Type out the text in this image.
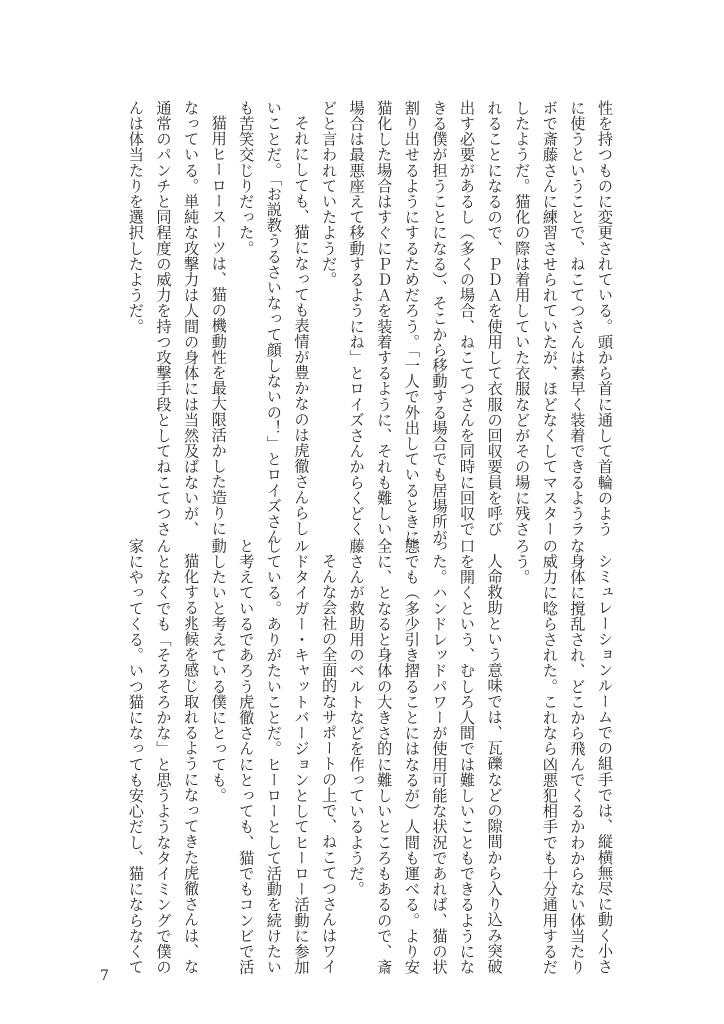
性を持つものに変更されている。頭から首に通して首輪のよう
に使うということで、ねこてつさんは素早く装着できるようラ
ボで斎藤さんに練習させられていたが、ほどなくしてマスター
したようだ。猫化の際は着用していた衣服などがその場に残さ
れることになるので、ＰＤＡを使用して衣服の回収要員を呼び
出す必要があるし（多くの場合、ねこてつさんを同時に回収で
きる僕が担うことになる）、そこから移動する場合でも居場所が
割り出せるようにするためだろう。「一人で外出しているときに
猫化した場合はすぐにＰＤＡを装着するように、それも難しい
場合は最悪座えて移動するようにね」とロイズさんからくどく
どと言われていたようだ。
それにしても、猫になっても表情が豊かなのは虎徹さんらし
いことだ。「お説教うるさいなって顔しないの！」とロイズさん
も苦笑交じりだった。
猫用ヒーロースーツは、猫の機動性を最大限活かした造りに
なっている。単純な攻撃力は人間の身体には当然及ばないが、
通常のパンチと同程度の威力を持つ攻撃手段としてねこてつさ
んは体当たりを選択したようだ。
シミュレーションルームでの組手では、縦横無尽に動く小さ
な身体に撹乱され、どこから飛んでくるかわからない体当たり
の威力に唸らされた。これなら凶悪犯相手でも十分通用するだ
ろう。
人命救助という意味では、瓦礫などの隙間から入り込み突破
口を開くという、むしろ人間では難しいこともできるようにな
った。ハンドレッドパワーが使用可能な状況であれば、猫の状
態でも（多少引き摺ることにはなるが）人間も運べる。より安
全に、となると身体の大きさ的に難しいところもあるので、斎
藤さんが救助用のベルトなどを作っているようだ。
そんな会社の全面的なサポートの上で、ねこてつさんはワイ
ルドタイガー・キャットバージョンとしてヒーロー活動に参加
している。ありがたいことだ。ヒーローとして活動を続けたい
と考えているであろう虎徹さんにとっても、猫でもコンビで活
動したいと考えている僕にとっても。
猫化する兆候を感じ取れるようになってきた虎徹さんは、な
んとなくでも「そろそろかな」と思うようなタイミングで僕の
家にやってくる。いつ猫になっても安心だし、猫にならなくて
7
